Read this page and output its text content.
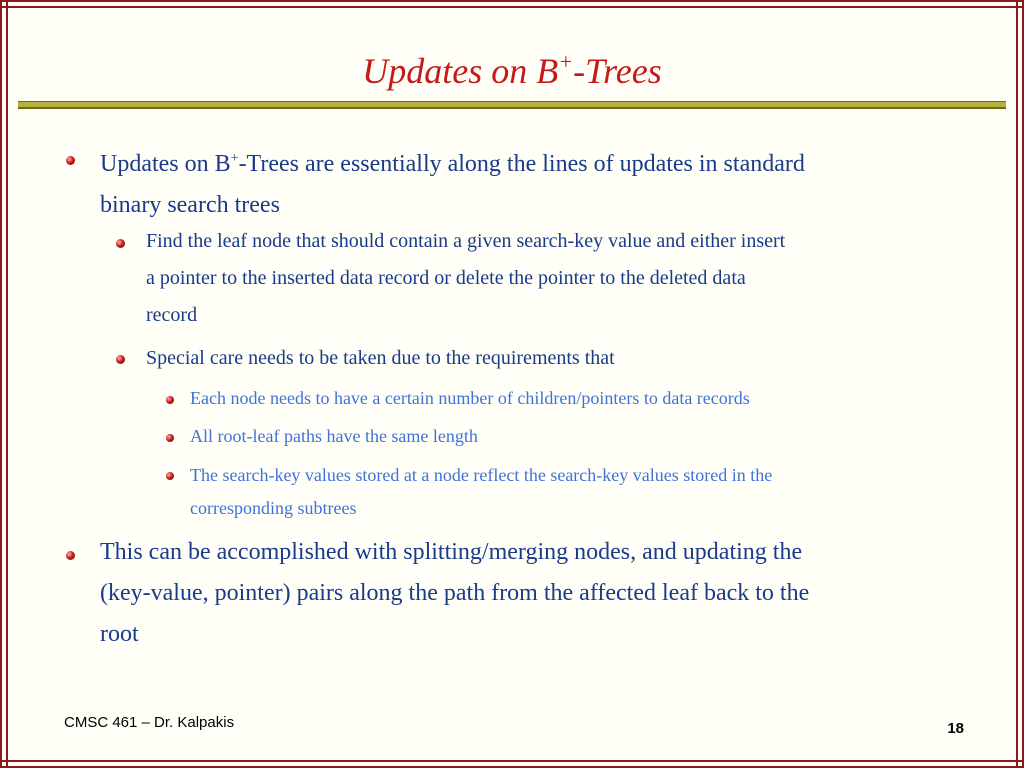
Updates on B+-Trees
Updates on B+-Trees are essentially along the lines of updates in standard
binary search trees
Find the leaf node that should contain a given search-key value and either insert
a pointer to the inserted data record or delete the pointer to the deleted data
record
Special care needs to be taken due to the requirements that
Each node needs to have a certain number of children/pointers to data records
All root-leaf paths have the same length
The search-key values stored at a node reflect the search-key values stored in the
corresponding subtrees
This can be accomplished with splitting/merging nodes, and updating the
(key-value, pointer) pairs along the path from the affected leaf back to the
root
CMSC 461 – Dr. Kalpakis	18
